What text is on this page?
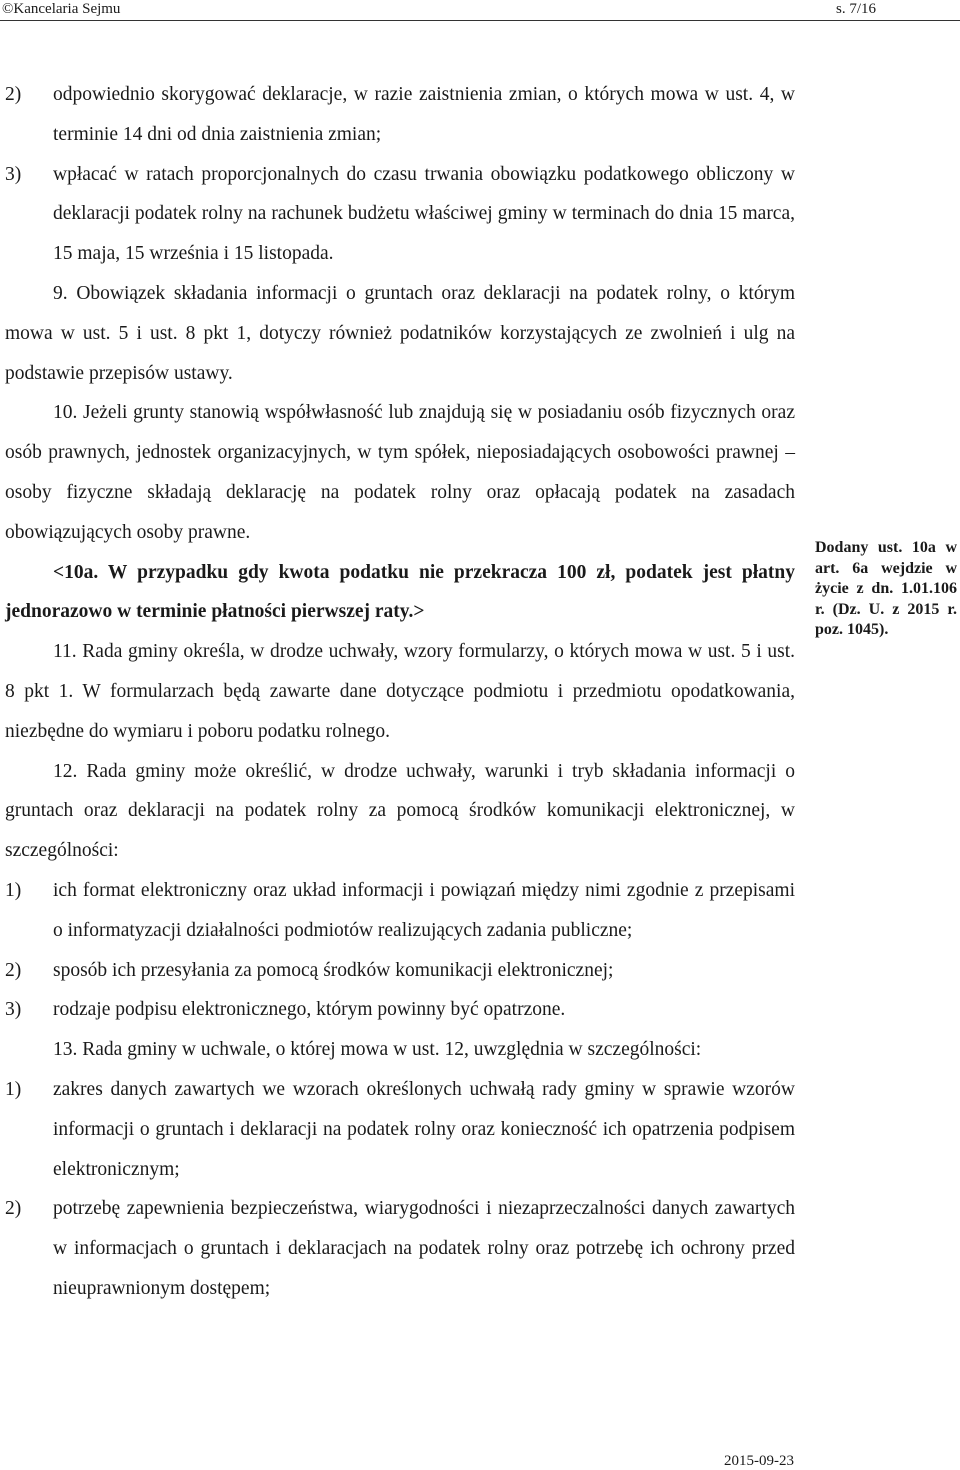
©Kancelaria Sejmu	s. 7/16

2) odpowiednio skorygować deklaracje, w razie zaistnienia zmian, o których mowa w ust. 4, w terminie 14 dni od dnia zaistnienia zmian;

3) wpłacać w ratach proporcjonalnych do czasu trwania obowiązku podatkowego obliczony w deklaracji podatek rolny na rachunek budżetu właściwej gminy w terminach do dnia 15 marca, 15 maja, 15 września i 15 listopada.

9. Obowiązek składania informacji o gruntach oraz deklaracji na podatek rolny, o którym mowa w ust. 5 i ust. 8 pkt 1, dotyczy również podatników korzystających ze zwolnień i ulg na podstawie przepisów ustawy.

10. Jeżeli grunty stanowią współwłasność lub znajdują się w posiadaniu osób fizycznych oraz osób prawnych, jednostek organizacyjnych, w tym spółek, nieposiadających osobowości prawnej – osoby fizyczne składają deklarację na podatek rolny oraz opłacają podatek na zasadach obowiązujących osoby prawne.

<10a. W przypadku gdy kwota podatku nie przekracza 100 zł, podatek jest płatny jednorazowo w terminie płatności pierwszej raty.>

11. Rada gminy określa, w drodze uchwały, wzory formularzy, o których mowa w ust. 5 i ust. 8 pkt 1. W formularzach będą zawarte dane dotyczące podmiotu i przedmiotu opodatkowania, niezbędne do wymiaru i poboru podatku rolnego.

12. Rada gminy może określić, w drodze uchwały, warunki i tryb składania informacji o gruntach oraz deklaracji na podatek rolny za pomocą środków komunikacji elektronicznej, w szczególności:

1) ich format elektroniczny oraz układ informacji i powiązań między nimi zgodnie z przepisami o informatyzacji działalności podmiotów realizujących zadania publiczne;

2) sposób ich przesyłania za pomocą środków komunikacji elektronicznej;

3) rodzaje podpisu elektronicznego, którym powinny być opatrzone.

13. Rada gminy w uchwale, o której mowa w ust. 12, uwzględnia w szczególności:

1) zakres danych zawartych we wzorach określonych uchwałą rady gminy w sprawie wzorów informacji o gruntach i deklaracji na podatek rolny oraz konieczność ich opatrzenia podpisem elektronicznym;

2) potrzebę zapewnienia bezpieczeństwa, wiarygodności i niezaprzeczalności danych zawartych w informacjach o gruntach i deklaracjach na podatek rolny oraz potrzebę ich ochrony przed nieuprawnionym dostępem;

Dodany ust. 10a w art. 6a wejdzie w życie z dn. 1.01.106 r. (Dz. U. z 2015 r. poz. 1045).
2015-09-23
